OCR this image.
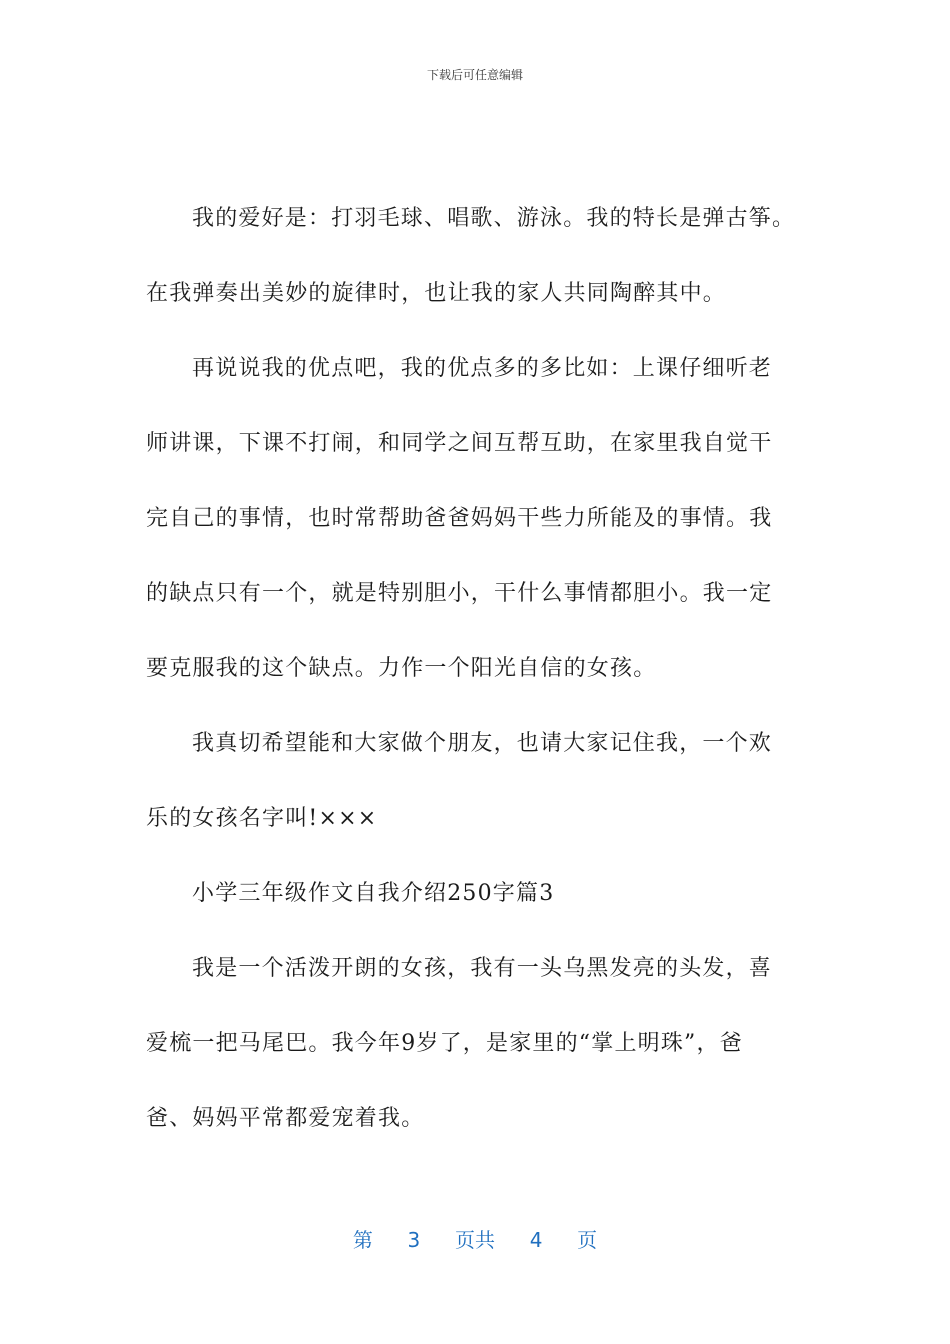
下载后可任意编辑
我的爱好是：打羽毛球、唱歌、游泳。我的特长是弹古筝。
在我弹奏出美妙的旋律时，也让我的家人共同陶醉其中。
再说说我的优点吧，我的优点多的多比如：上课仔细听老
师讲课，下课不打闹，和同学之间互帮互助，在家里我自觉干
完自己的事情，也时常帮助爸爸妈妈干些力所能及的事情。我
的缺点只有一个，就是特别胆小，干什么事情都胆小。我一定
要克服我的这个缺点。力作一个阳光自信的女孩。
我真切希望能和大家做个朋友，也请大家记住我，一个欢
乐的女孩名字叫!×××
小学三年级作文自我介绍250字篇3
我是一个活泼开朗的女孩，我有一头乌黑发亮的头发，喜
爱梳一把马尾巴。我今年9岁了，是家里的“掌上明珠”，爸
爸、妈妈平常都爱宠着我。
第 3 页共 4 页
